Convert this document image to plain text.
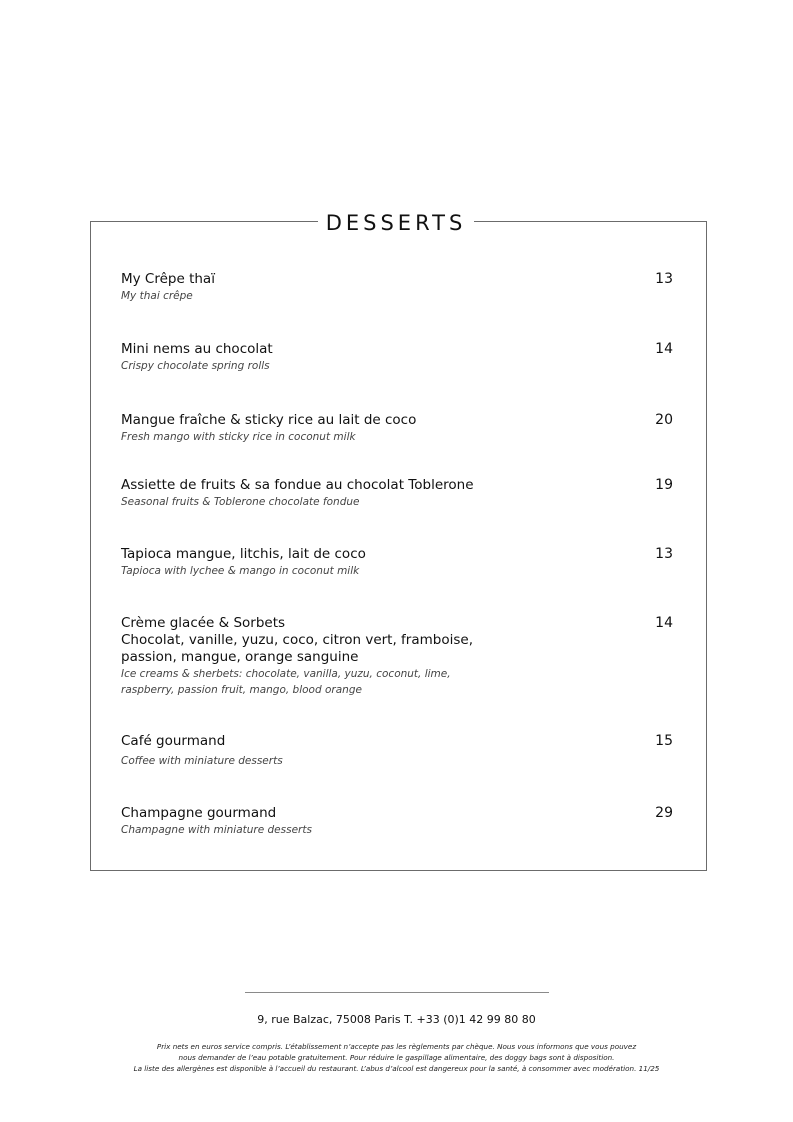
DESSERTS
My Crêpe thaï
My thai crêpe
13
Mini nems au chocolat
Crispy chocolate spring rolls
14
Mangue fraîche & sticky rice au lait de coco
Fresh mango with sticky rice in coconut milk
20
Assiette de fruits & sa fondue au chocolat Toblerone
Seasonal fruits & Toblerone chocolate fondue
19
Tapioca mangue, litchis, lait de coco
Tapioca with lychee & mango in coconut milk
13
Crème glacée & Sorbets
Chocolat, vanille, yuzu, coco, citron vert, framboise,
passion, mangue, orange sanguine
Ice creams & sherbets: chocolate, vanilla, yuzu, coconut, lime,
raspberry, passion fruit, mango, blood orange
14
Café gourmand
Coffee with miniature desserts
15
Champagne gourmand
Champagne with miniature desserts
29
9, rue Balzac, 75008 Paris T. +33 (0)1 42 99 80 80
Prix nets en euros service compris. L’établissement n’accepte pas les règlements par chèque. Nous vous informons que vous pouvez
nous demander de l’eau potable gratuitement. Pour réduire le gaspillage alimentaire, des doggy bags sont à disposition.
La liste des allergènes est disponible à l’accueil du restaurant. L’abus d’alcool est dangereux pour la santé, à consommer avec modération. 11/25
